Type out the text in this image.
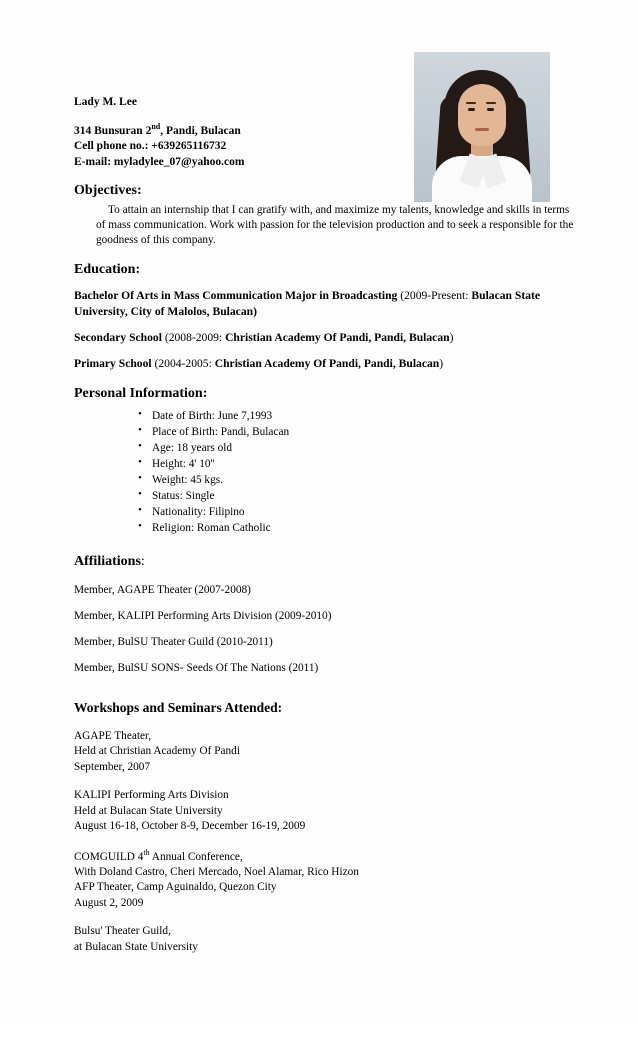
Lady M. Lee
314 Bunsuran 2nd, Pandi, Bulacan
Cell phone no.: +639265116732
E-mail: myladylee_07@yahoo.com
Objectives:

To attain an internship that I can gratify with, and maximize my talents, knowledge and skills in terms of mass communication. Work with passion for the television production and to seek a responsible for the goodness of this company.

Education:
Bachelor Of Arts in Mass Communication Major in Broadcasting (2009-Present: Bulacan State University, City of Malolos, Bulacan)
Secondary School (2008-2009: Christian Academy Of Pandi, Pandi, Bulacan)
Primary School (2004-2005: Christian Academy Of Pandi, Pandi, Bulacan)
Personal Information:
• Date of Birth: June 7,1993
• Place of Birth: Pandi, Bulacan
• Age: 18 years old
• Height: 4' 10''
• Weight: 45 kgs.
• Status: Single
• Nationality: Filipino
• Religion: Roman Catholic
Affiliations:
Member, AGAPE Theater (2007-2008)
Member, KALIPI Performing Arts Division (2009-2010)
Member, BulSU Theater Guild (2010-2011)
Member, BulSU SONS- Seeds Of The Nations (2011)
Workshops and Seminars Attended:
AGAPE Theater,
Held at Christian Academy Of Pandi
September, 2007
KALIPI Performing Arts Division
Held at Bulacan State University
August 16-18, October 8-9, December 16-19, 2009
COMGUILD 4th Annual Conference,
With Doland Castro, Cheri Mercado, Noel Alamar, Rico Hizon
AFP Theater, Camp Aguinaldo, Quezon City
August 2, 2009
Bulsu' Theater Guild,
at Bulacan State University
